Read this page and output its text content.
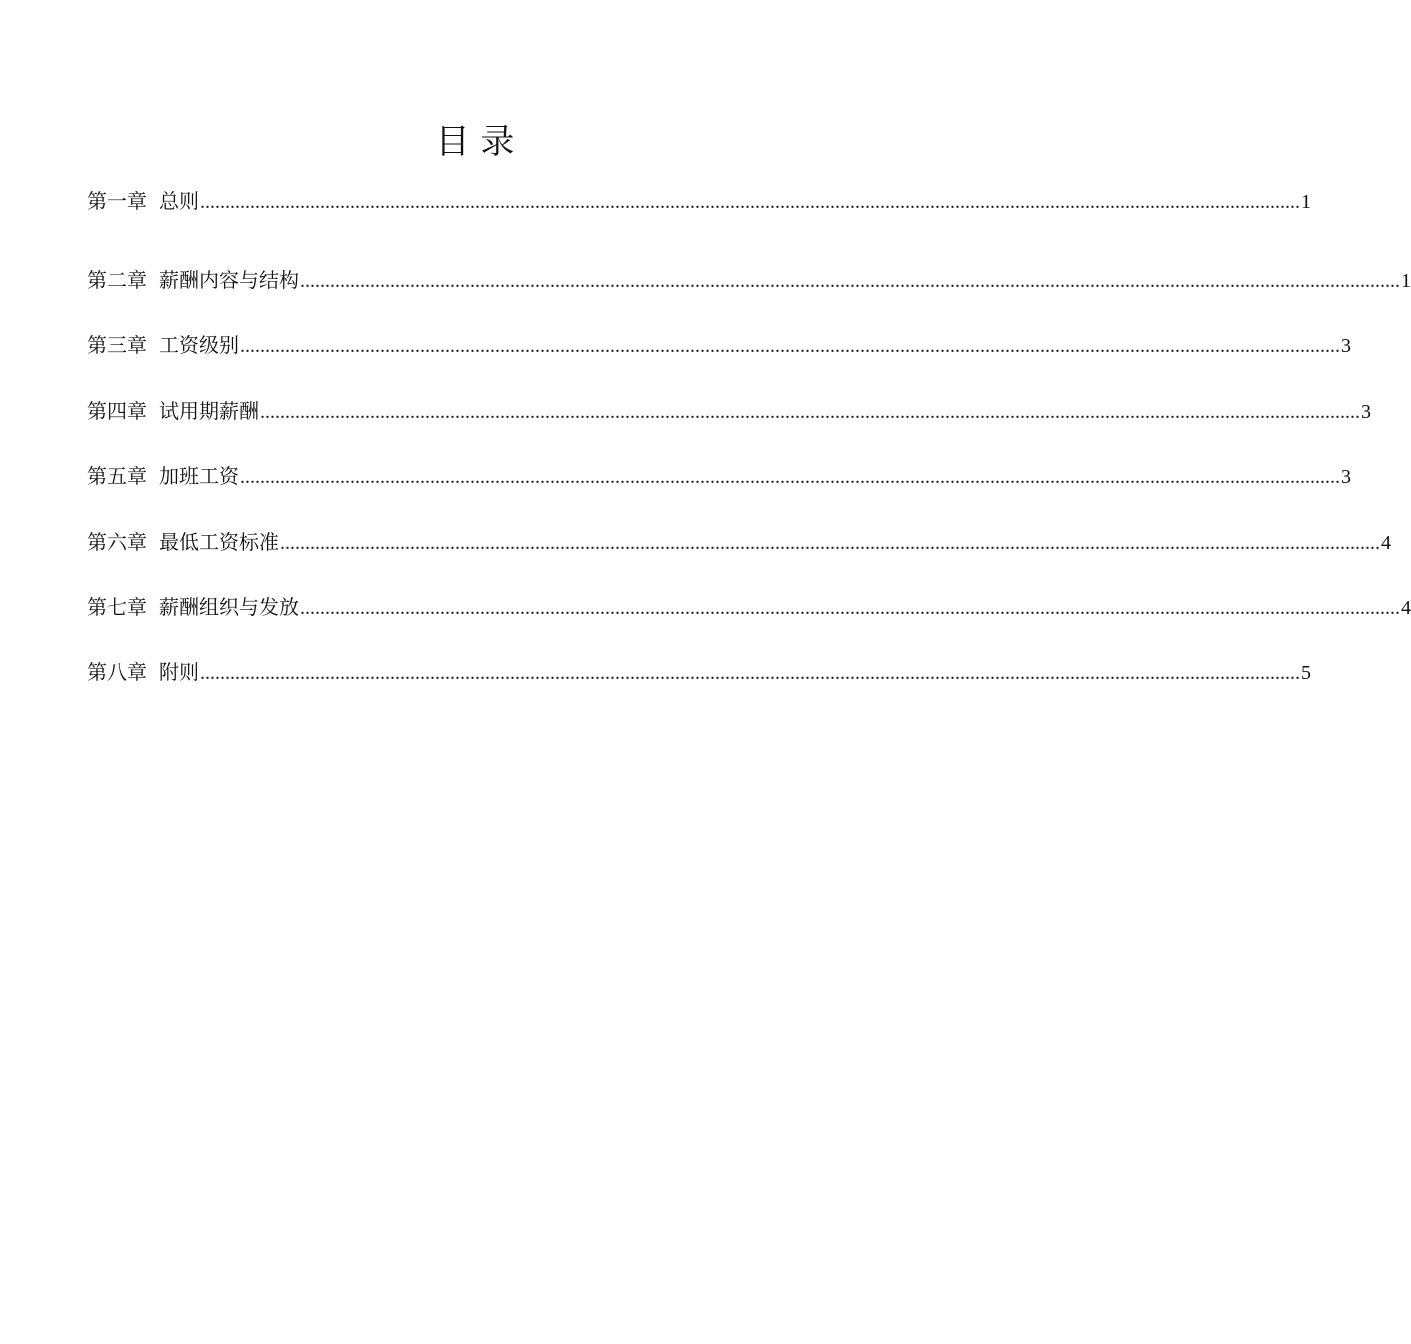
目 录
第一章 总则 ............................................................................................................................................................................................................................ 1
第二章 薪酬内容与结构 ............................................................................................................................................................................................................................ 1
第三章 工资级别 ............................................................................................................................................................................................................................ 3
第四章 试用期薪酬 ............................................................................................................................................................................................................................ 3
第五章 加班工资 ............................................................................................................................................................................................................................ 3
第六章 最低工资标准 ............................................................................................................................................................................................................................ 4
第七章 薪酬组织与发放 ............................................................................................................................................................................................................................ 4
第八章 附则 ............................................................................................................................................................................................................................ 5
